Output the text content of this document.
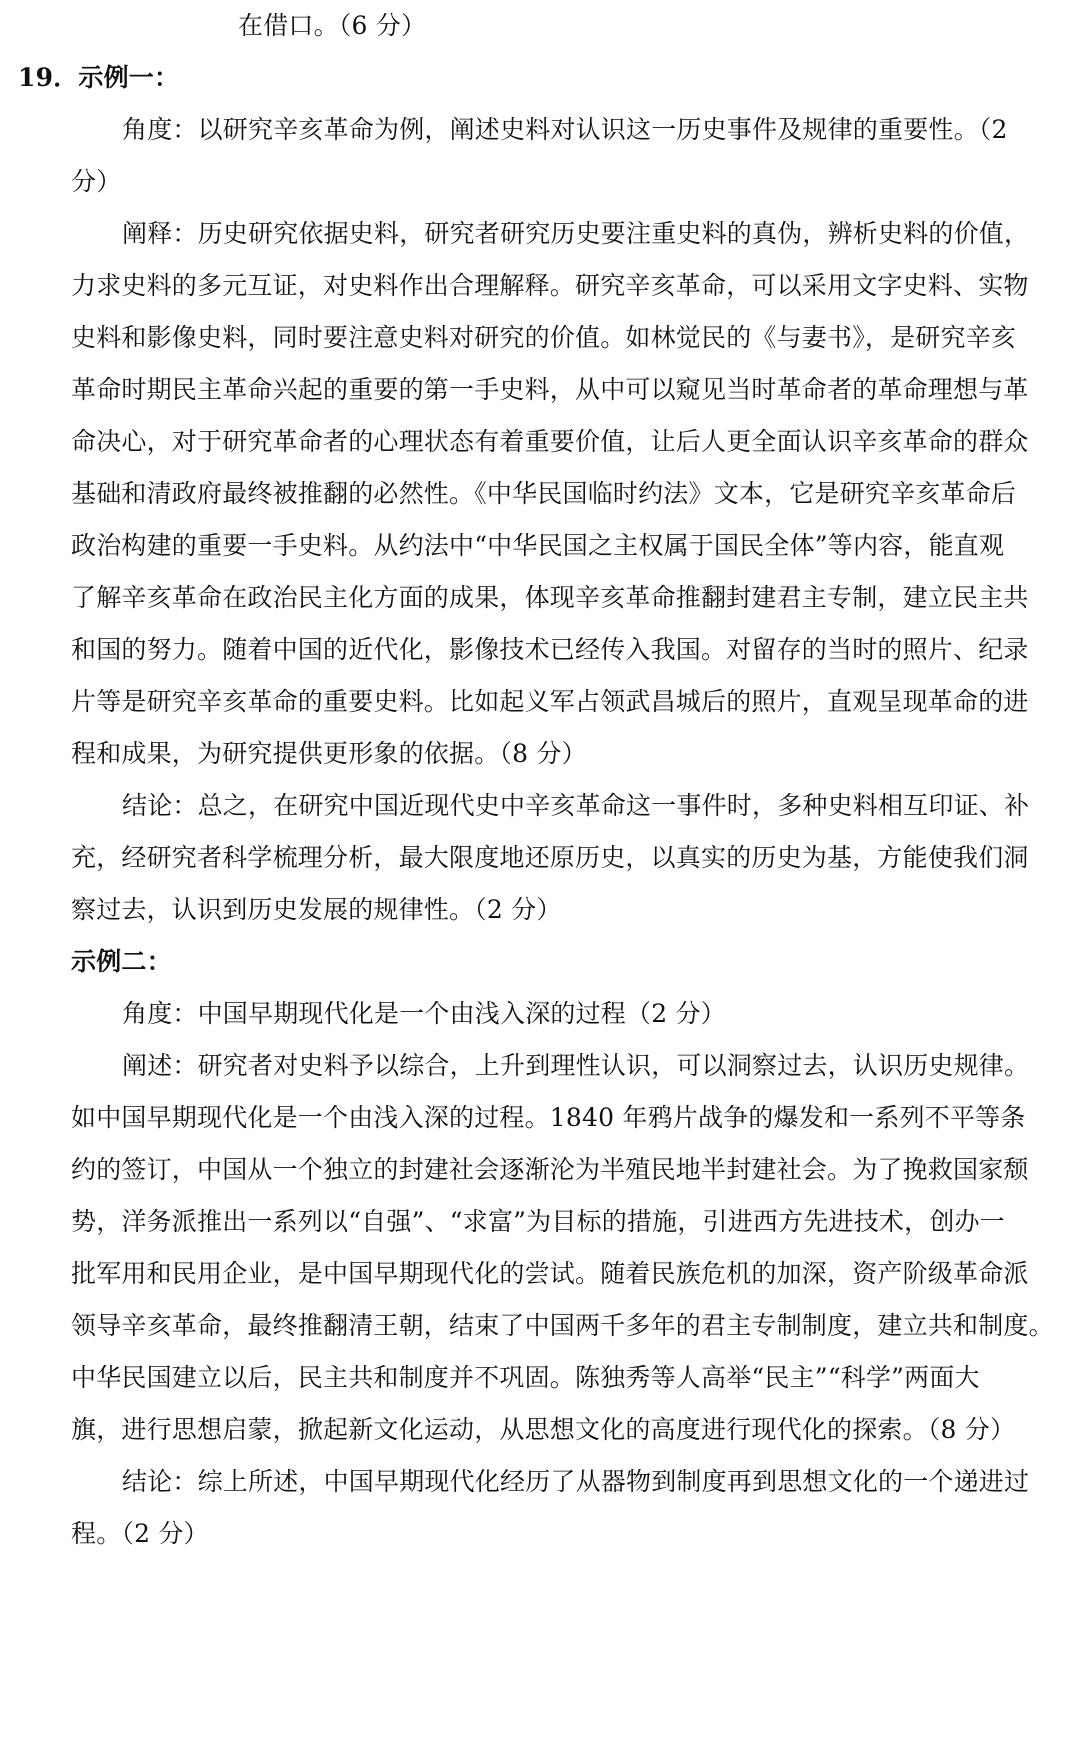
在借口。（6 分）
19．示例一：
角度：以研究辛亥革命为例，阐述史料对认识这一历史事件及规律的重要性。（2
分）
阐释：历史研究依据史料，研究者研究历史要注重史料的真伪，辨析史料的价值，
力求史料的多元互证，对史料作出合理解释。研究辛亥革命，可以采用文字史料、实物
史料和影像史料，同时要注意史料对研究的价值。如林觉民的《与妻书》，是研究辛亥
革命时期民主革命兴起的重要的第一手史料，从中可以窥见当时革命者的革命理想与革
命决心，对于研究革命者的心理状态有着重要价值，让后人更全面认识辛亥革命的群众
基础和清政府最终被推翻的必然性。《中华民国临时约法》文本，它是研究辛亥革命后
政治构建的重要一手史料。从约法中“中华民国之主权属于国民全体”等内容，能直观
了解辛亥革命在政治民主化方面的成果，体现辛亥革命推翻封建君主专制，建立民主共
和国的努力。随着中国的近代化，影像技术已经传入我国。对留存的当时的照片、纪录
片等是研究辛亥革命的重要史料。比如起义军占领武昌城后的照片，直观呈现革命的进
程和成果，为研究提供更形象的依据。（8 分）
结论：总之，在研究中国近现代史中辛亥革命这一事件时，多种史料相互印证、补
充，经研究者科学梳理分析，最大限度地还原历史，以真实的历史为基，方能使我们洞
察过去，认识到历史发展的规律性。（2 分）
示例二：
角度：中国早期现代化是一个由浅入深的过程（2 分）
阐述：研究者对史料予以综合，上升到理性认识，可以洞察过去，认识历史规律。
如中国早期现代化是一个由浅入深的过程。1840 年鸦片战争的爆发和一系列不平等条
约的签订，中国从一个独立的封建社会逐渐沦为半殖民地半封建社会。为了挽救国家颓
势，洋务派推出一系列以“自强”、“求富”为目标的措施，引进西方先进技术，创办一
批军用和民用企业，是中国早期现代化的尝试。随着民族危机的加深，资产阶级革命派
领导辛亥革命，最终推翻清王朝，结束了中国两千多年的君主专制制度，建立共和制度。
中华民国建立以后，民主共和制度并不巩固。陈独秀等人高举“民主”“科学”两面大
旗，进行思想启蒙，掀起新文化运动，从思想文化的高度进行现代化的探索。（8 分）
结论：综上所述，中国早期现代化经历了从器物到制度再到思想文化的一个递进过
程。（2 分）
